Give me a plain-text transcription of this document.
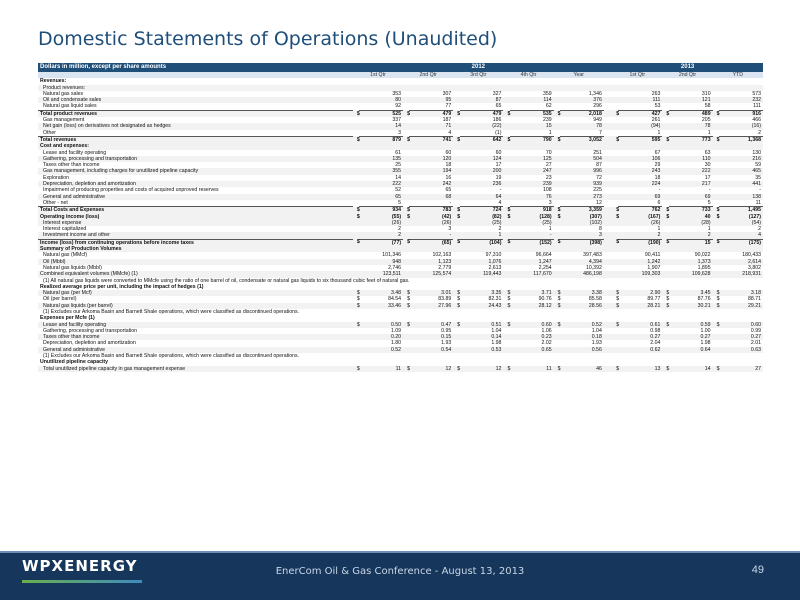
Domestic Statements of Operations (Unaudited)
Dollars in million, except per share amounts	2012											2013					
	1st Qtr		2nd Qtr		3rd Qtr		4th Qtr		Year			1st Qtr		2nd Qtr		YTD	
Revenues:																	
Product revenues:																	
Natural gas sales		353		307		327		359		1,346			263		310		573
Oil and condensate sales		80		95		87		114		376			111		121		232
Natural gas liquid sales		92		77		65		62		296			53		58		111
Total product revenues	$	525	$	479	$	479	$	535	$	2,018		$	427	$	489	$	916
Gas management		337		187		186		239		949			261		205		466
Net gain (loss) on derivatives not designated as hedges		14		71		(22)		15		78			(94)		78		(16)
Other		3		4		(1)		1		7			1		1		2
Total revenues	$	879	$	741	$	642	$	790	$	3,052		$	595	$	773	$	1,368

Cost and expenses:																	
Lease and facility operating		61		60		60		70		251			67		63		130
Gathering, processing and transportation		135		120		124		125		504			106		110		216
Taxes other than income		25		18		17		27		87			29		30		59
Gas management, including charges for unutilized pipeline capacity		355		194		200		247		996			243		222		465
Exploration		14		16		19		23		72			18		17		35
Depreciation, depletion and amortization		222		242		236		239		939			224		217		441
Impairment of producing properties and costs of acquired unproved reserves		52		65		-		108		225			-		-		-
General and administrative		65		68		64		76		273			69		69		138
Other - net		5		-		4		3		12			6		5		11
Total Costs and Expenses	$	934	$	783	$	724	$	918	$	3,359		$	762	$	733	$	1,495

Operating income (loss)	$	(55)	$	(42)	$	(82)	$	(128)	$	(307)		$	(167)	$	40	$	(127)

Interest expense		(26)		(26)		(25)		(25)		(102)			(26)		(28)		(54)
Interest capitalized		2		3		2		1		8			1		1		2
Investment income and other		2		-		1		-		3			2		2		4

Income (loss) from continuing operations before income taxes	$	(77)	$	(65)	$	(104)	$	(152)	$	(398)		$	(190)	$	15	$	(175)

Summary of Production Volumes																	
Natural gas (MMcf)		101,346		102,163		97,310		96,664		397,483			90,411		90,022		180,433
Oil (Mbbl)		948		1,123		1,076		1,247		4,394			1,242		1,373		2,614
Natural gas liquids (Mbbl)		2,746		2,779		2,613		2,254		10,392			1,907		1,895		3,802
Combined equivalent volumes (MMcfe) (1)		123,511		125,574		119,443		117,670		486,198			109,303		109,628		218,931
(1) All natural gas liquids were converted to MMcfe using the ratio of one barrel of oil, condensate or natural gas liquids to six thousand cubic feet of natural gas.																	

Realized average price per unit, including the impact of hedges (1)																	
Natural gas (per Mcf)	$	3.48	$	3.01	$	3.35	$	3.71	$	3.38		$	2.90	$	3.45	$	3.18
Oil (per barrel)	$	84.54	$	83.89	$	82.31	$	90.76	$	85.58		$	89.77	$	87.76	$	88.71
Natural gas liquids (per barrel)	$	33.46	$	27.96	$	24.43	$	28.12	$	28.56		$	28.21	$	30.21	$	29.21
(1) Excludes our Arkoma Basin and Barnett Shale operations, which were classified as discontinued operations.																	

Expenses per Mcfe (1)																	
Lease and facility operating	$	0.50	$	0.47	$	0.51	$	0.60	$	0.52		$	0.61	$	0.59	$	0.60
Gathering, processing and transportation		1.09		0.95		1.04		1.06		1.04			0.98		1.00		0.99
Taxes other than income		0.20		0.15		0.14		0.23		0.18			0.27		0.27		0.27
Depreciation, depletion and amortization		1.80		1.93		1.98		2.02		1.93			2.04		1.98		2.01
General and administrative		0.52		0.54		0.53		0.65		0.56			0.62		0.64		0.63
(1) Excludes our Arkoma Basin and Barnett Shale operations, which were classified as discontinued operations.																	

Unutilized pipeline capacity																	
Total unutilized pipeline capacity in gas management expense	$	11	$	12	$	12	$	11	$	46		$	13	$	14	$	27
WPXENERGY	EnerCom Oil & Gas Conference - August 13, 2013	49
